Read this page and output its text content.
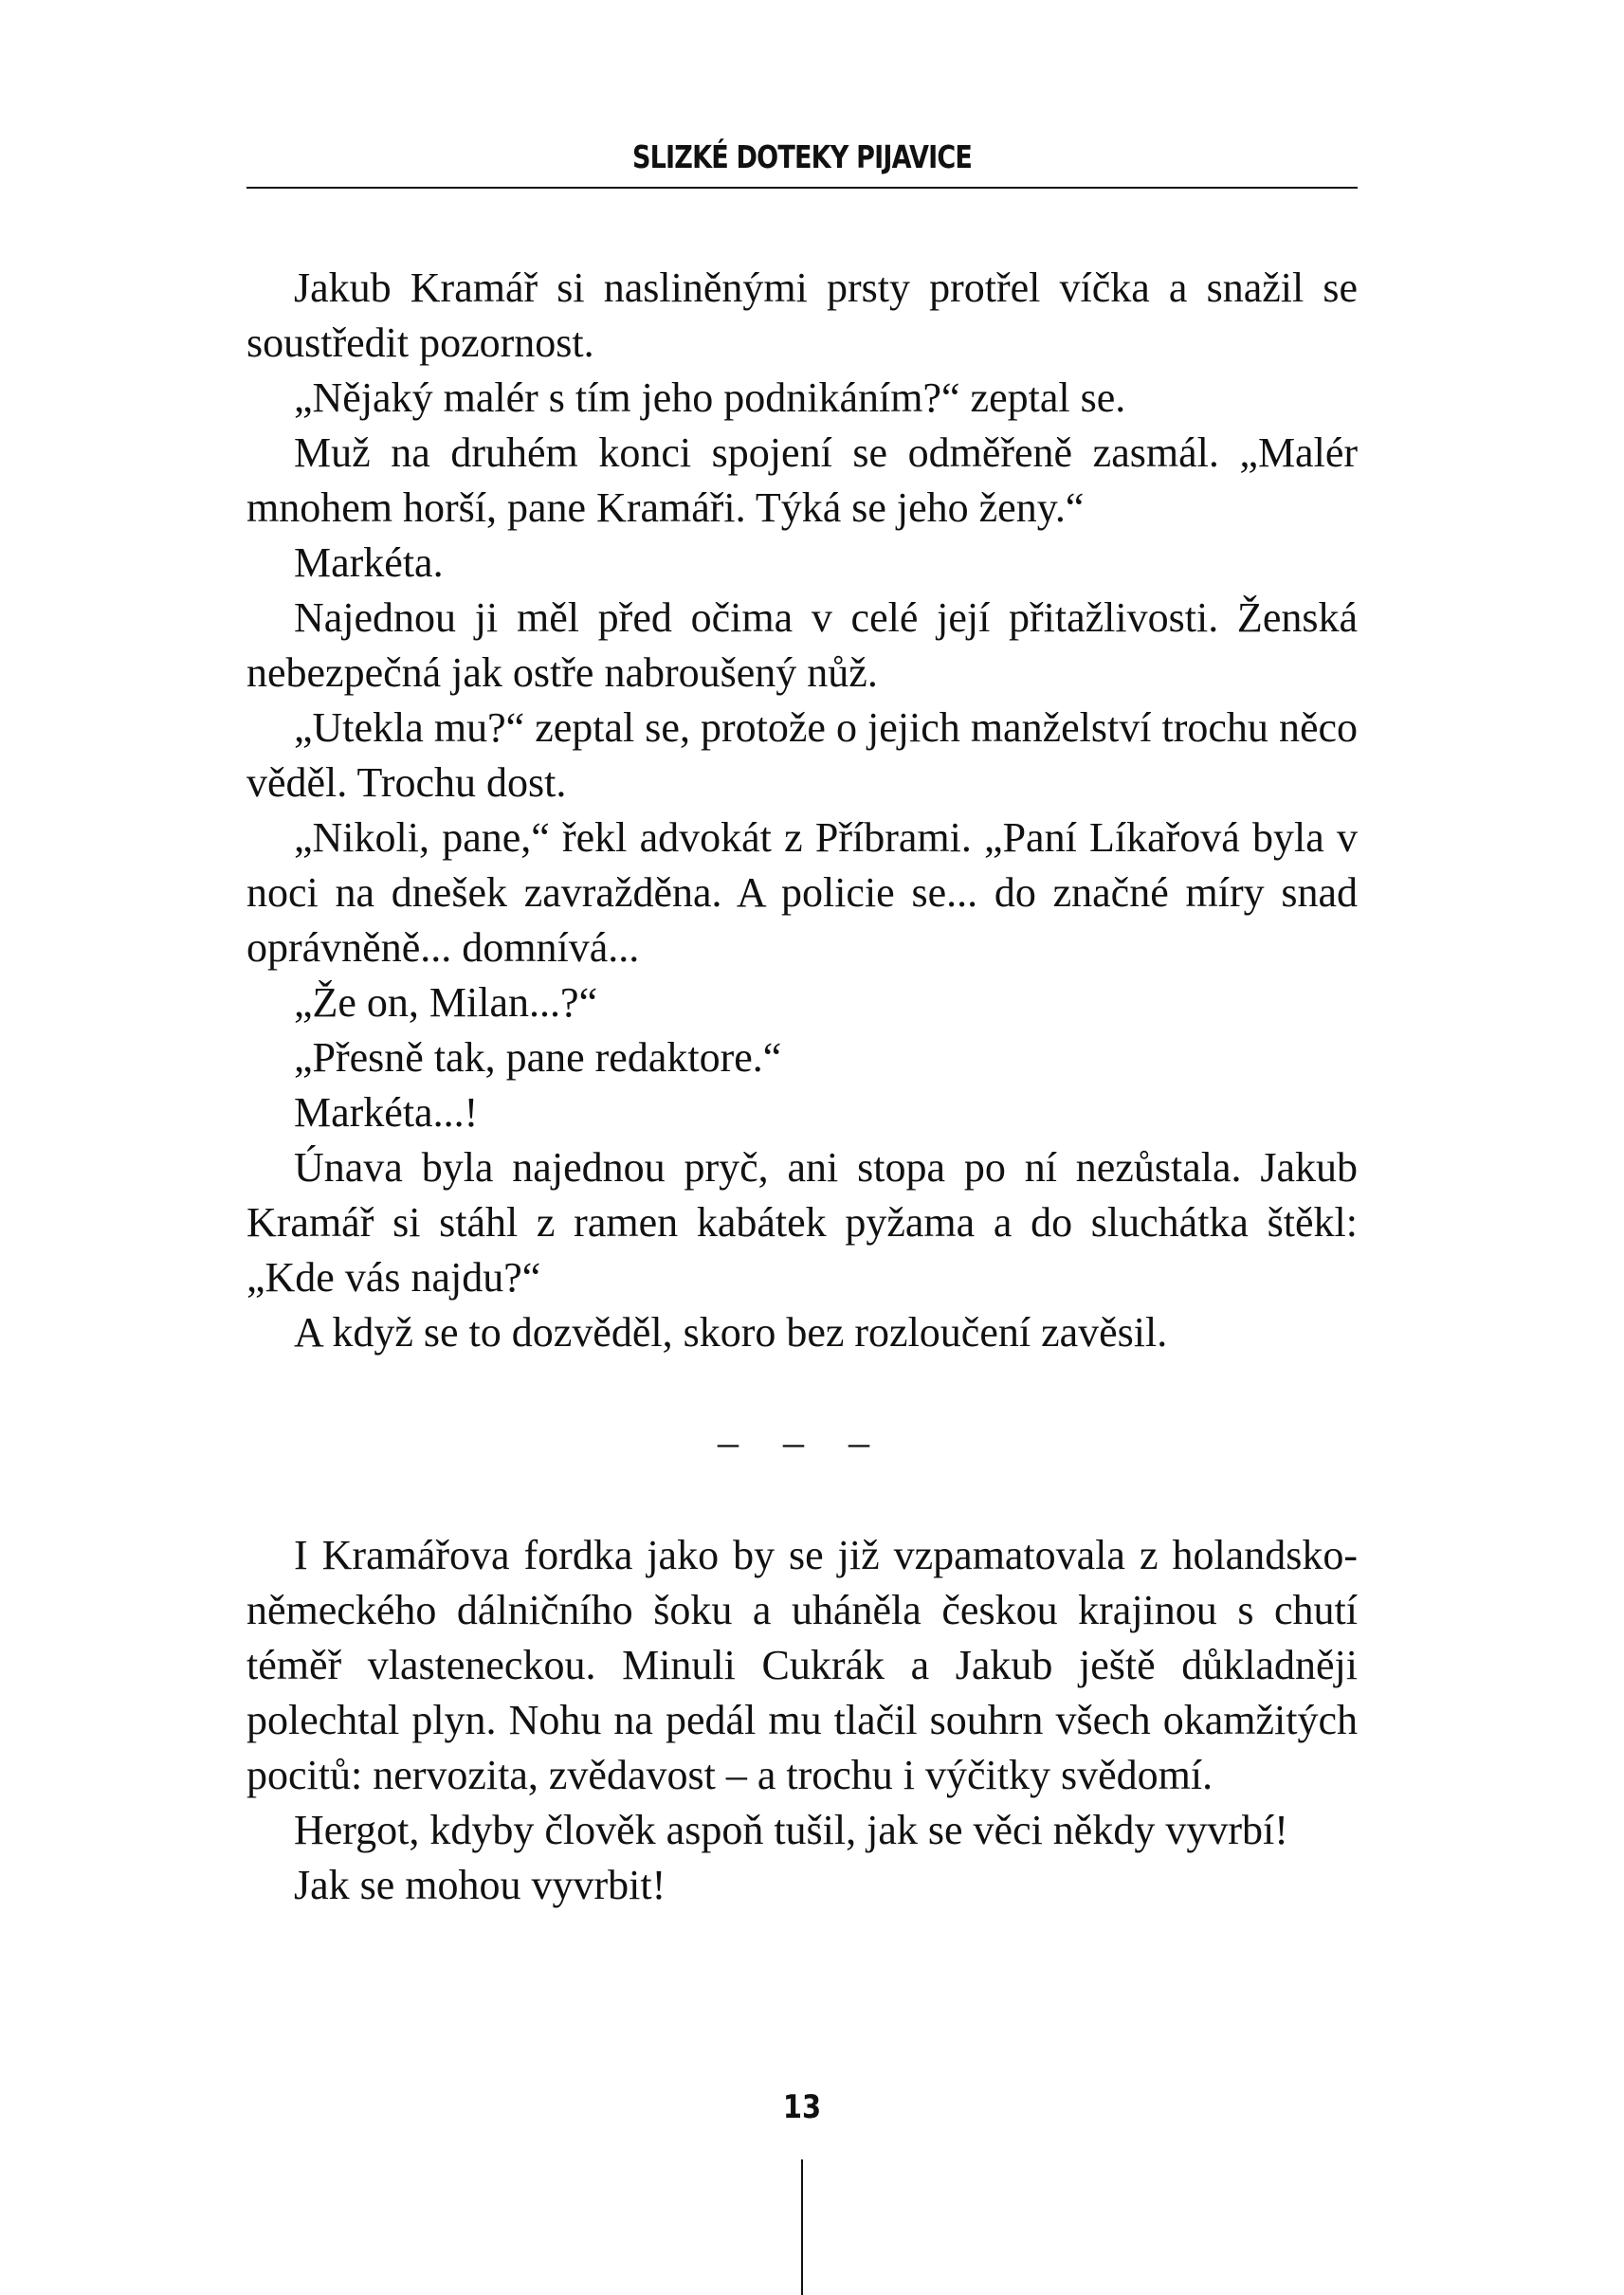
SLIZKÉ DOTEKY PIJAVICE

Jakub Kramář si nasliněnými prsty protřel víčka a snažil se soustředit pozornost.

„Nějaký malér s tím jeho podnikáním?“ zeptal se.

Muž na druhém konci spojení se odměřeně zasmál. „Malér mnohem horší, pane Kramáři. Týká se jeho ženy.“

Markéta.

Najednou ji měl před očima v celé její přitažlivosti. Ženská nebezpečná jak ostře nabroušený nůž.

„Utekla mu?“ zeptal se, protože o jejich manželství trochu něco věděl. Trochu dost.

„Nikoli, pane,“ řekl advokát z Příbrami. „Paní Líkařová byla v noci na dnešek zavražděna. A policie se... do značné míry snad oprávněně... domnívá...

„Že on, Milan...?“

„Přesně tak, pane redaktore.“

Markéta...!

Únava byla najednou pryč, ani stopa po ní nezůstala. Jakub Kramář si stáhl z ramen kabátek pyžama a do sluchátka štěkl: „Kde vás najdu?“

A když se to dozvěděl, skoro bez rozloučení zavěsil.

– – –

I Kramářova fordka jako by se již vzpamatovala z holandsko-německého dálničního šoku a uháněla českou krajinou s chutí téměř vlasteneckou. Minuli Cukrák a Jakub ještě důkladněji polechtal plyn. Nohu na pedál mu tlačil souhrn všech okamžitých pocitů: nervozita, zvědavost – a trochu i výčitky svědomí.

Hergot, kdyby člověk aspoň tušil, jak se věci někdy vyvrbí!

Jak se mohou vyvrbit!

13
